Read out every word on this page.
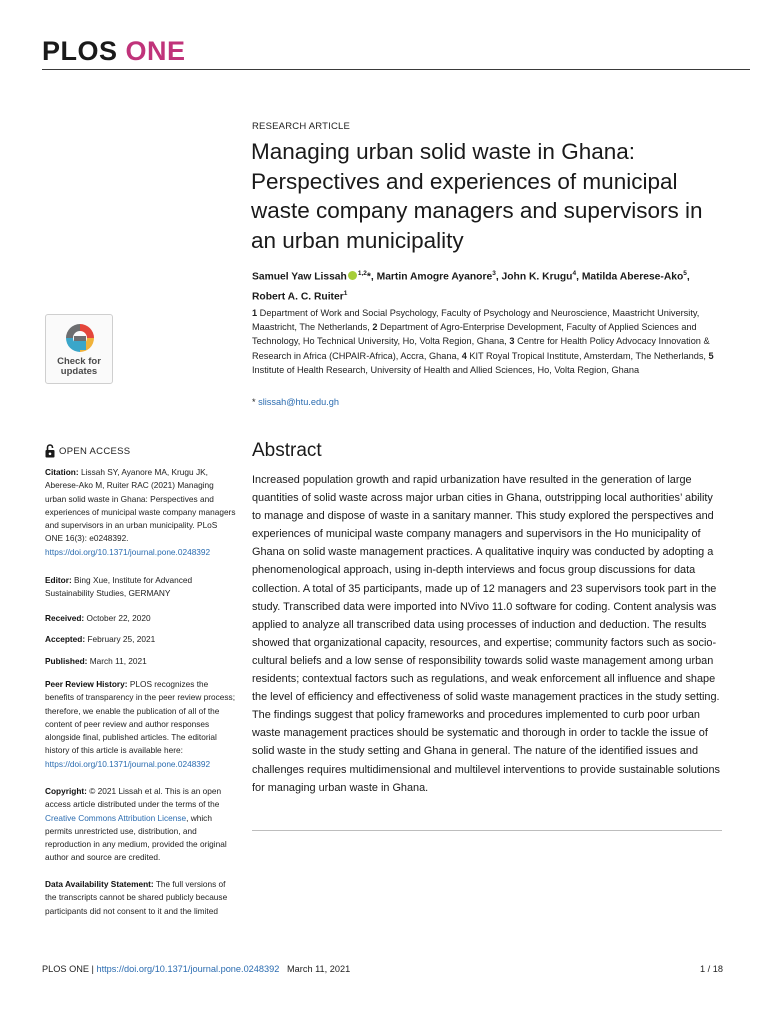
PLOS ONE
Check for
updates
OPEN ACCESS
Citation: Lissah SY, Ayanore MA, Krugu JK, Aberese-Ako M, Ruiter RAC (2021) Managing urban solid waste in Ghana: Perspectives and experiences of municipal waste company managers and supervisors in an urban municipality. PLoS ONE 16(3): e0248392. https://doi.org/10.1371/journal.pone.0248392
Editor: Bing Xue, Institute for Advanced Sustainability Studies, GERMANY
Received: October 22, 2020
Accepted: February 25, 2021
Published: March 11, 2021
Peer Review History: PLOS recognizes the benefits of transparency in the peer review process; therefore, we enable the publication of all of the content of peer review and author responses alongside final, published articles. The editorial history of this article is available here: https://doi.org/10.1371/journal.pone.0248392
Copyright: © 2021 Lissah et al. This is an open access article distributed under the terms of the Creative Commons Attribution License, which permits unrestricted use, distribution, and reproduction in any medium, provided the original author and source are credited.
Data Availability Statement: The full versions of the transcripts cannot be shared publicly because participants did not consent to it and the limited
RESEARCH ARTICLE
Managing urban solid waste in Ghana: Perspectives and experiences of municipal waste company managers and supervisors in an urban municipality
Samuel Yaw Lissah $^{1,2}$*, Martin Amogre Ayanore$^3$, John K. Krugu$^4$, Matilda Aberese-Ako$^5$, Robert A. C. Ruiter$^1$
1 Department of Work and Social Psychology, Faculty of Psychology and Neuroscience, Maastricht University, Maastricht, The Netherlands, 2 Department of Agro-Enterprise Development, Faculty of Applied Sciences and Technology, Ho Technical University, Ho, Volta Region, Ghana, 3 Centre for Health Policy Advocacy Innovation & Research in Africa (CHPAIR-Africa), Accra, Ghana, 4 KIT Royal Tropical Institute, Amsterdam, The Netherlands, 5 Institute of Health Research, University of Health and Allied Sciences, Ho, Volta Region, Ghana
* slissah@htu.edu.gh
Abstract
Increased population growth and rapid urbanization have resulted in the generation of large quantities of solid waste across major urban cities in Ghana, outstripping local authorities’ ability to manage and dispose of waste in a sanitary manner. This study explored the perspectives and experiences of municipal waste company managers and supervisors in the Ho municipality of Ghana on solid waste management practices. A qualitative inquiry was conducted by adopting a phenomenological approach, using in-depth interviews and focus group discussions for data collection. A total of 35 participants, made up of 12 managers and 23 supervisors took part in the study. Transcribed data were imported into NVivo 11.0 software for coding. Content analysis was applied to analyze all transcribed data using processes of induction and deduction. The results showed that organizational capacity, resources, and expertise; community factors such as socio-cultural beliefs and a low sense of responsibility towards solid waste management among urban residents; contextual factors such as regulations, and weak enforcement all influence and shape the level of efficiency and effectiveness of solid waste management practices in the study setting. The findings suggest that policy frameworks and procedures implemented to curb poor urban waste management practices should be systematic and thorough in order to tackle the issue of solid waste in the study setting and Ghana in general. The nature of the identified issues and challenges requires multidimensional and multilevel interventions to provide sustainable solutions for managing urban waste in Ghana.
PLOS ONE | https://doi.org/10.1371/journal.pone.0248392 March 11, 2021	1 / 18
